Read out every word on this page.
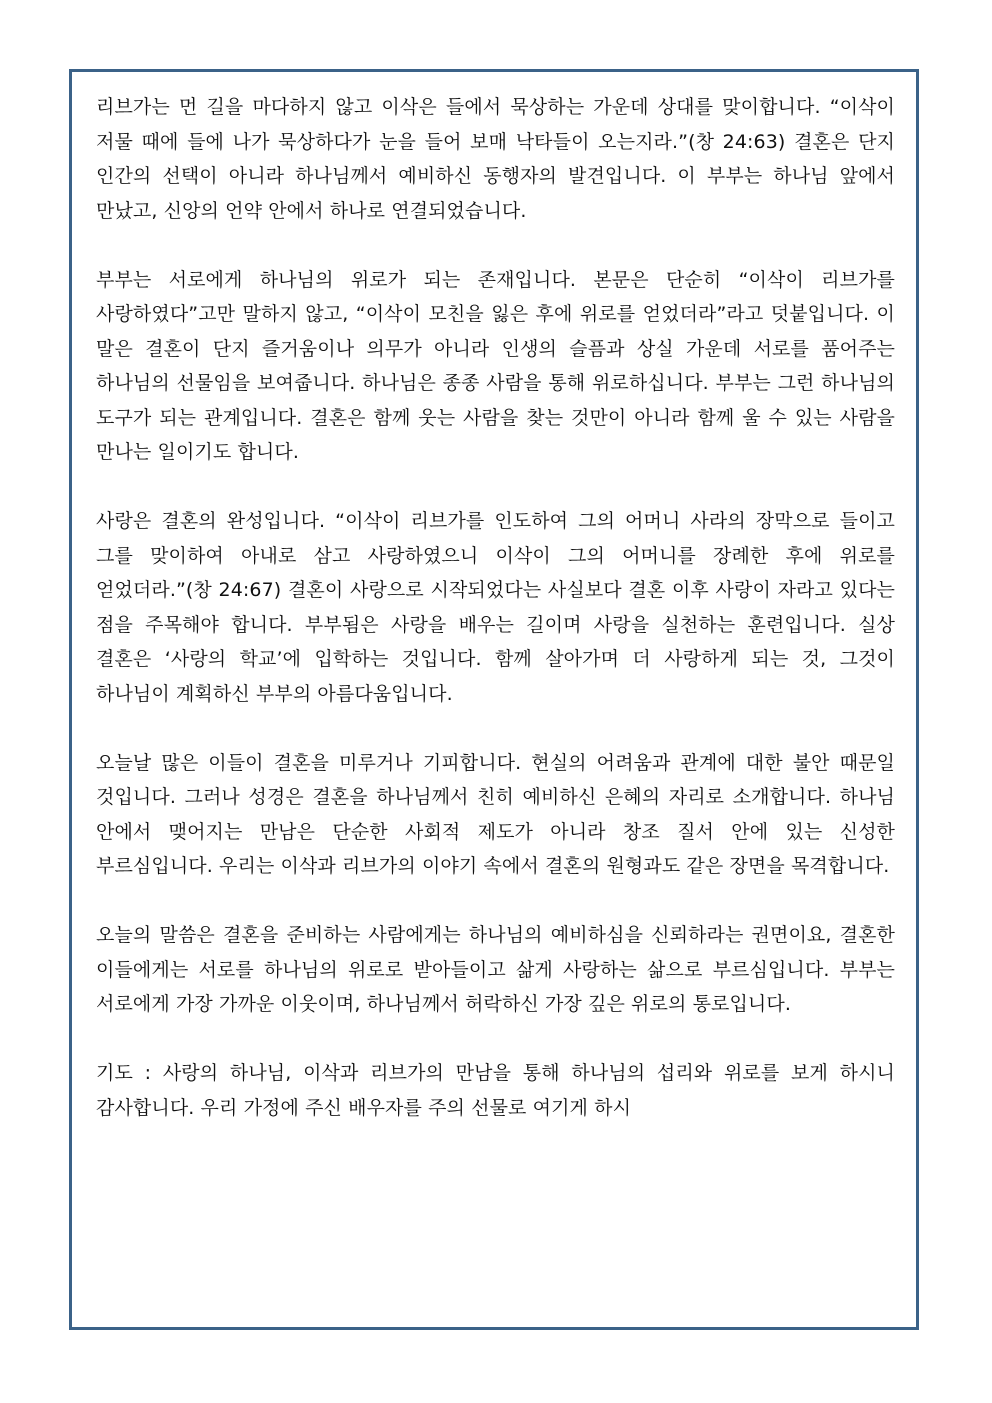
리브가는 먼 길을 마다하지 않고 이삭은 들에서 묵상하는 가운데 상대를 맞이합니다. “이삭이 저물 때에 들에 나가 묵상하다가 눈을 들어 보매 낙타들이 오는지라.”(창 24:63) 결혼은 단지 인간의 선택이 아니라 하나님께서 예비하신 동행자의 발견입니다. 이 부부는 하나님 앞에서 만났고, 신앙의 언약 안에서 하나로 연결되었습니다.

부부는 서로에게 하나님의 위로가 되는 존재입니다. 본문은 단순히 “이삭이 리브가를 사랑하였다”고만 말하지 않고, “이삭이 모친을 잃은 후에 위로를 얻었더라”라고 덧붙입니다. 이 말은 결혼이 단지 즐거움이나 의무가 아니라 인생의 슬픔과 상실 가운데 서로를 품어주는 하나님의 선물임을 보여줍니다. 하나님은 종종 사람을 통해 위로하십니다. 부부는 그런 하나님의 도구가 되는 관계입니다. 결혼은 함께 웃는 사람을 찾는 것만이 아니라 함께 울 수 있는 사람을 만나는 일이기도 합니다.

사랑은 결혼의 완성입니다. “이삭이 리브가를 인도하여 그의 어머니 사라의 장막으로 들이고 그를 맞이하여 아내로 삼고 사랑하였으니 이삭이 그의 어머니를 장례한 후에 위로를 얻었더라.”(창 24:67) 결혼이 사랑으로 시작되었다는 사실보다 결혼 이후 사랑이 자라고 있다는 점을 주목해야 합니다. 부부됨은 사랑을 배우는 길이며 사랑을 실천하는 훈련입니다. 실상 결혼은 ‘사랑의 학교’에 입학하는 것입니다. 함께 살아가며 더 사랑하게 되는 것, 그것이 하나님이 계획하신 부부의 아름다움입니다.

오늘날 많은 이들이 결혼을 미루거나 기피합니다. 현실의 어려움과 관계에 대한 불안 때문일 것입니다. 그러나 성경은 결혼을 하나님께서 친히 예비하신 은혜의 자리로 소개합니다. 하나님 안에서 맺어지는 만남은 단순한 사회적 제도가 아니라 창조 질서 안에 있는 신성한 부르심입니다. 우리는 이삭과 리브가의 이야기 속에서 결혼의 원형과도 같은 장면을 목격합니다.

오늘의 말씀은 결혼을 준비하는 사람에게는 하나님의 예비하심을 신뢰하라는 권면이요, 결혼한 이들에게는 서로를 하나님의 위로로 받아들이고 삶게 사랑하는 삶으로 부르심입니다. 부부는 서로에게 가장 가까운 이웃이며, 하나님께서 허락하신 가장 깊은 위로의 통로입니다.

기도 : 사랑의 하나님, 이삭과 리브가의 만남을 통해 하나님의 섭리와 위로를 보게 하시니 감사합니다. 우리 가정에 주신 배우자를 주의 선물로 여기게 하시
